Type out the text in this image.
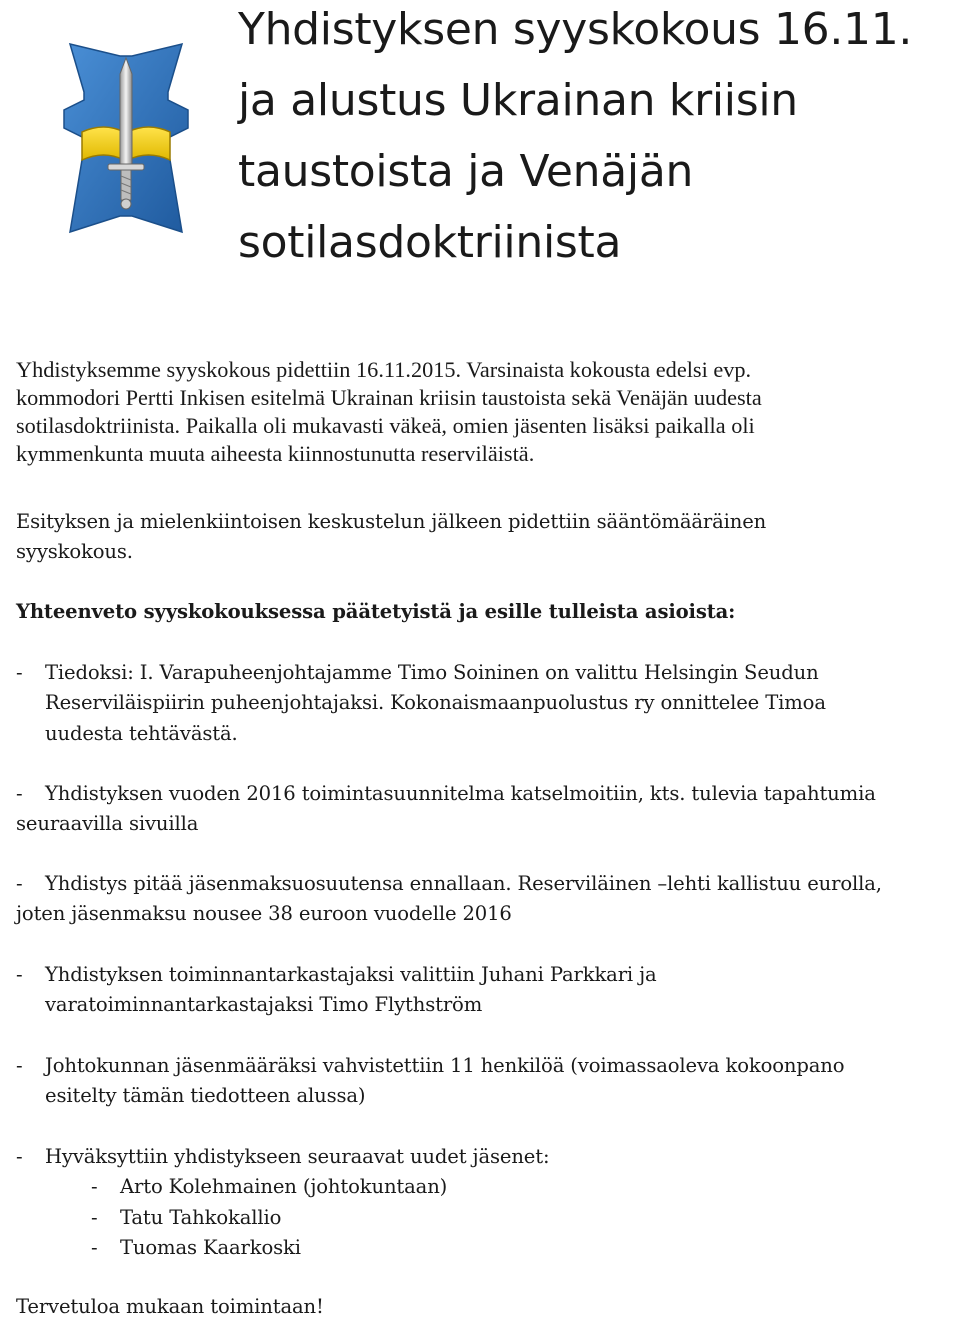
Yhdistyksen syyskokous 16.11.
ja alustus Ukrainan kriisin
taustoista ja Venäjän
sotilasdoktriinista

Yhdistyksemme syyskokous pidettiin 16.11.2015. Varsinaista kokousta edelsi evp.
kommodori Pertti Inkisen esitelmä Ukrainan kriisin taustoista sekä Venäjän uudesta
sotilasdoktriinista. Paikalla oli mukavasti väkeä, omien jäsenten lisäksi paikalla oli
kymmenkunta muuta aiheesta kiinnostunutta reserviläistä.

Esityksen ja mielenkiintoisen keskustelun jälkeen pidettiin sääntömääräinen
syyskokous.

Yhteenveto syyskokouksessa päätetyistä ja esille tulleista asioista:

- Tiedoksi: I. Varapuheenjohtajamme Timo Soininen on valittu Helsingin Seudun
Reserviläispiirin puheenjohtajaksi. Kokonaismaanpuolustus ry onnittelee Timoa
uudesta tehtävästä.
- Yhdistyksen vuoden 2016 toimintasuunnitelma katselmoitiin, kts. tulevia tapahtumia
seuraavilla sivuilla
- Yhdistys pitää jäsenmaksuosuutensa ennallaan. Reserviläinen –lehti kallistuu eurolla,
joten jäsenmaksu nousee 38 euroon vuodelle 2016
- Yhdistyksen toiminnantarkastajaksi valittiin Juhani Parkkari ja
varatoiminnantarkastajaksi Timo Flythström
- Johtokunnan jäsenmääräksi vahvistettiin 11 henkilöä (voimassaoleva kokoonpano
esitelty tämän tiedotteen alussa)
- Hyväksyttiin yhdistykseen seuraavat uudet jäsenet:
- Arto Kolehmainen (johtokuntaan)
- Tatu Tahkokallio
- Tuomas Kaarkoski

Tervetuloa mukaan toimintaan!
